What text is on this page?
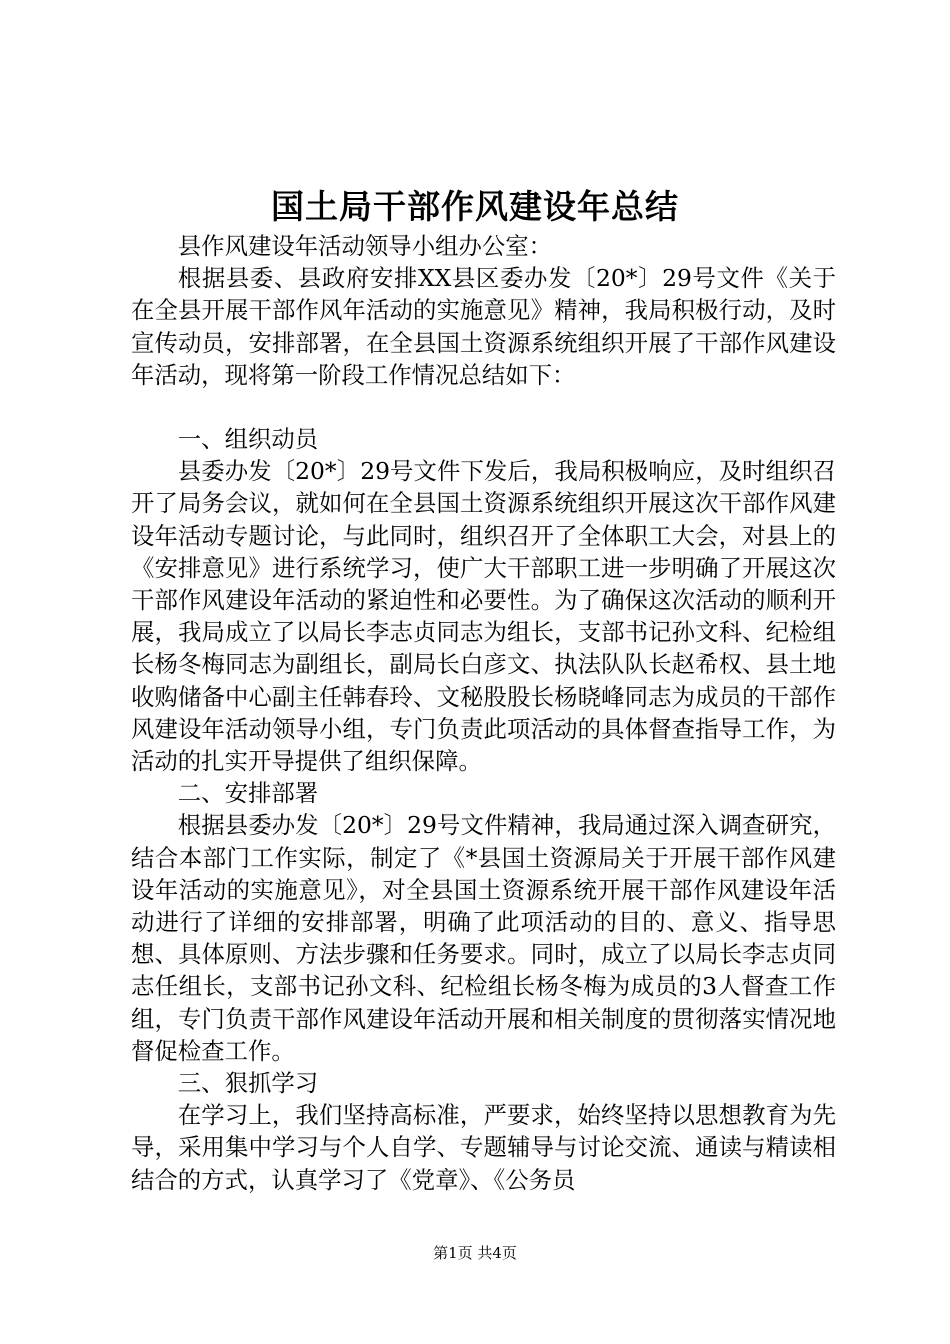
国土局干部作风建设年总结

县作风建设年活动领导小组办公室：

根据县委、县政府安排XX县区委办发〔20*〕29号文件《关于在全县开展干部作风年活动的实施意见》精神，我局积极行动，及时宣传动员，安排部署，在全县国土资源系统组织开展了干部作风建设年活动，现将第一阶段工作情况总结如下：

一、组织动员

县委办发〔20*〕29号文件下发后，我局积极响应，及时组织召开了局务会议，就如何在全县国土资源系统组织开展这次干部作风建设年活动专题讨论，与此同时，组织召开了全体职工大会，对县上的《安排意见》进行系统学习，使广大干部职工进一步明确了开展这次干部作风建设年活动的紧迫性和必要性。为了确保这次活动的顺利开展，我局成立了以局长李志贞同志为组长，支部书记孙文科、纪检组长杨冬梅同志为副组长，副局长白彦文、执法队队长赵希权、县土地收购储备中心副主任韩春玲、文秘股股长杨晓峰同志为成员的干部作风建设年活动领导小组，专门负责此项活动的具体督查指导工作，为活动的扎实开导提供了组织保障。

二、安排部署

根据县委办发〔20*〕29号文件精神，我局通过深入调查研究，结合本部门工作实际，制定了《*县国土资源局关于开展干部作风建设年活动的实施意见》，对全县国土资源系统开展干部作风建设年活动进行了详细的安排部署，明确了此项活动的目的、意义、指导思想、具体原则、方法步骤和任务要求。同时，成立了以局长李志贞同志任组长，支部书记孙文科、纪检组长杨冬梅为成员的3人督查工作组，专门负责干部作风建设年活动开展和相关制度的贯彻落实情况地督促检查工作。

三、狠抓学习

在学习上，我们坚持高标准，严要求，始终坚持以思想教育为先导，采用集中学习与个人自学、专题辅导与讨论交流、通读与精读相结合的方式，认真学习了《党章》、《公务员

第1页 共4页
